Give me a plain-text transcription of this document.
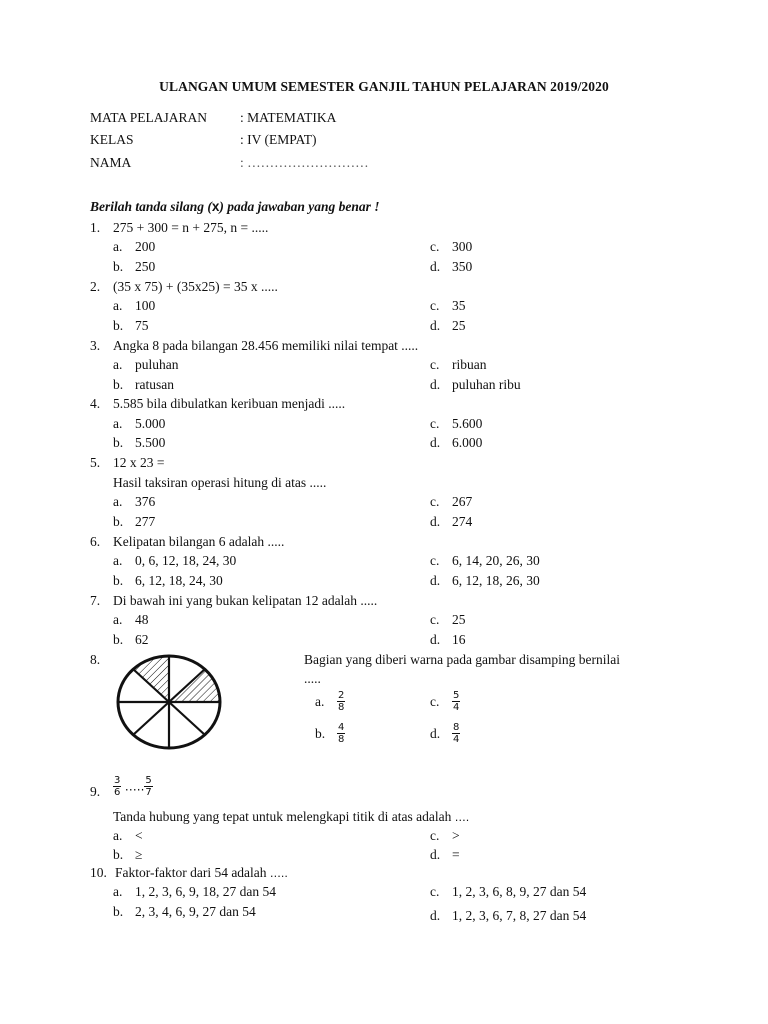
ULANGAN UMUM SEMESTER GANJIL TAHUN PELAJARAN 2019/2020
MATA PELAJARAN : MATEMATIKA
KELAS	: IV (EMPAT)
NAMA	: ………………………
Berilah tanda silang (x) pada jawaban yang benar !
1. 275 + 300 = n + 275, n = .....
a. 200
b. 250
c. 300
d. 350
2. (35 x 75) + (35x25) = 35 x .....
a. 100
b. 75
c. 35
d. 25
3. Angka 8 pada bilangan 28.456 memiliki nilai tempat .....
a. puluhan
b. ratusan
c. ribuan
d. puluhan ribu
4. 5.585 bila dibulatkan keribuan menjadi .....
a. 5.000
b. 5.500
c. 5.600
d. 6.000
5. 12 x 23 =
Hasil taksiran operasi hitung di atas .....
a. 376
b. 277
c. 267
d. 274
6. Kelipatan bilangan 6 adalah .....
a. 0, 6, 12, 18, 24, 30
b. 6, 12, 18, 24, 30
c. 6, 14, 20, 26, 30
d. 6, 12, 18, 26, 30
7. Di bawah ini yang bukan kelipatan 12 adalah .....
a. 48
b. 62
c. 25
d. 16
8.	Bagian yang diberi warna pada gambar disamping bernilai
.....
a. $\frac{2}{8}$
b. $\frac{4}{8}$
c. $\frac{5}{4}$
d. $\frac{8}{4}$
9. $\frac{3}{6}$ ….. $\frac{5}{7}$
Tanda hubung yang tepat untuk melengkapi titik di atas adalah ….
a. <
b. ≥
c. >
d. =
10. Faktor-faktor dari 54 adalah …..
a. 1, 2, 3, 6, 9, 18, 27 dan 54
b. 2, 3, 4, 6, 9, 27 dan 54
c. 1, 2, 3, 6, 8, 9, 27 dan 54
d. 1, 2, 3, 6, 7, 8, 27 dan 54
